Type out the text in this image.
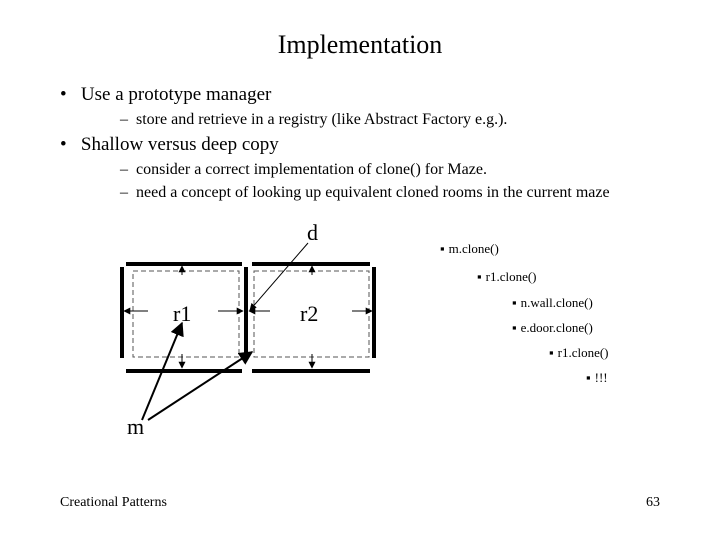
Implementation
• Use a prototype manager
– store and retrieve in a registry (like Abstract Factory e.g.).
• Shallow versus deep copy
– consider a correct implementation of clone() for Maze.
– need a concept of looking up equivalent cloned rooms in the current maze
d
r1	r2
m
▪ m.clone()
▪ r1.clone()
▪ n.wall.clone()
▪ e.door.clone()
▪ r1.clone()
▪ !!!
Creational Patterns	63
